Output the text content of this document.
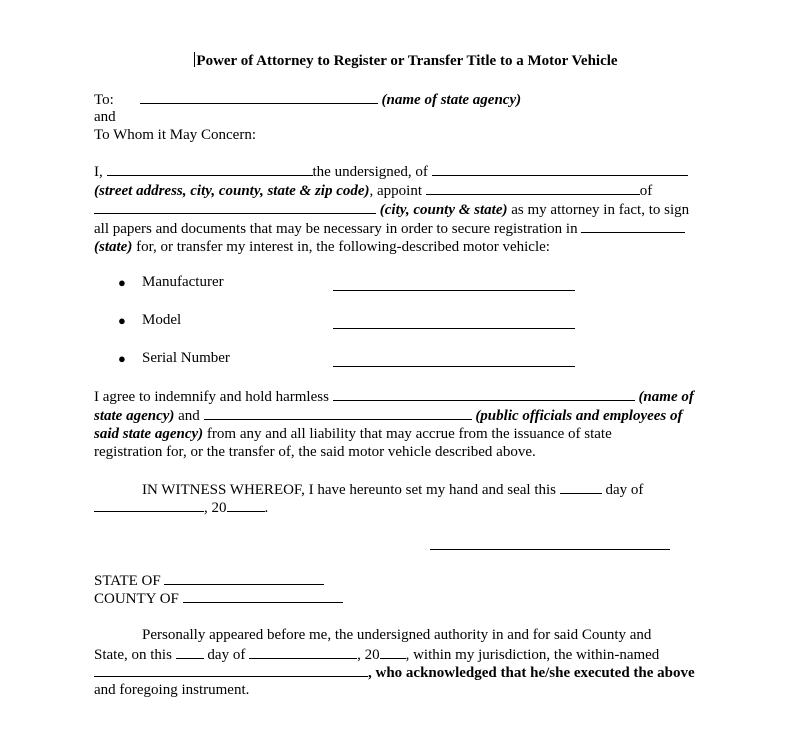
Power of Attorney to Register or Transfer Title to a Motor Vehicle
To:	(name of state agency)
and
To Whom it May Concern:
I,	the undersigned, of
(street address, city, county, state & zip code), appoint	of
(city, county & state) as my attorney in fact, to sign
all papers and documents that may be necessary in order to secure registration in
(state) for, or transfer my interest in, the following-described motor vehicle:
● Manufacturer
● Model
● Serial Number
I agree to indemnify and hold harmless	(name of
state agency) and	(public officials and employees of
said state agency) from any and all liability that may accrue from the issuance of state
registration for, or the transfer of, the said motor vehicle described above.
IN WITNESS WHEREOF, I have hereunto set my hand and seal this	day of
, 20	.
STATE OF
COUNTY OF
Personally appeared before me, the undersigned authority in and for said County and
State, on this day of	, 20 , within my jurisdiction, the within-named
, who acknowledged that he/she executed the above
and foregoing instrument.
